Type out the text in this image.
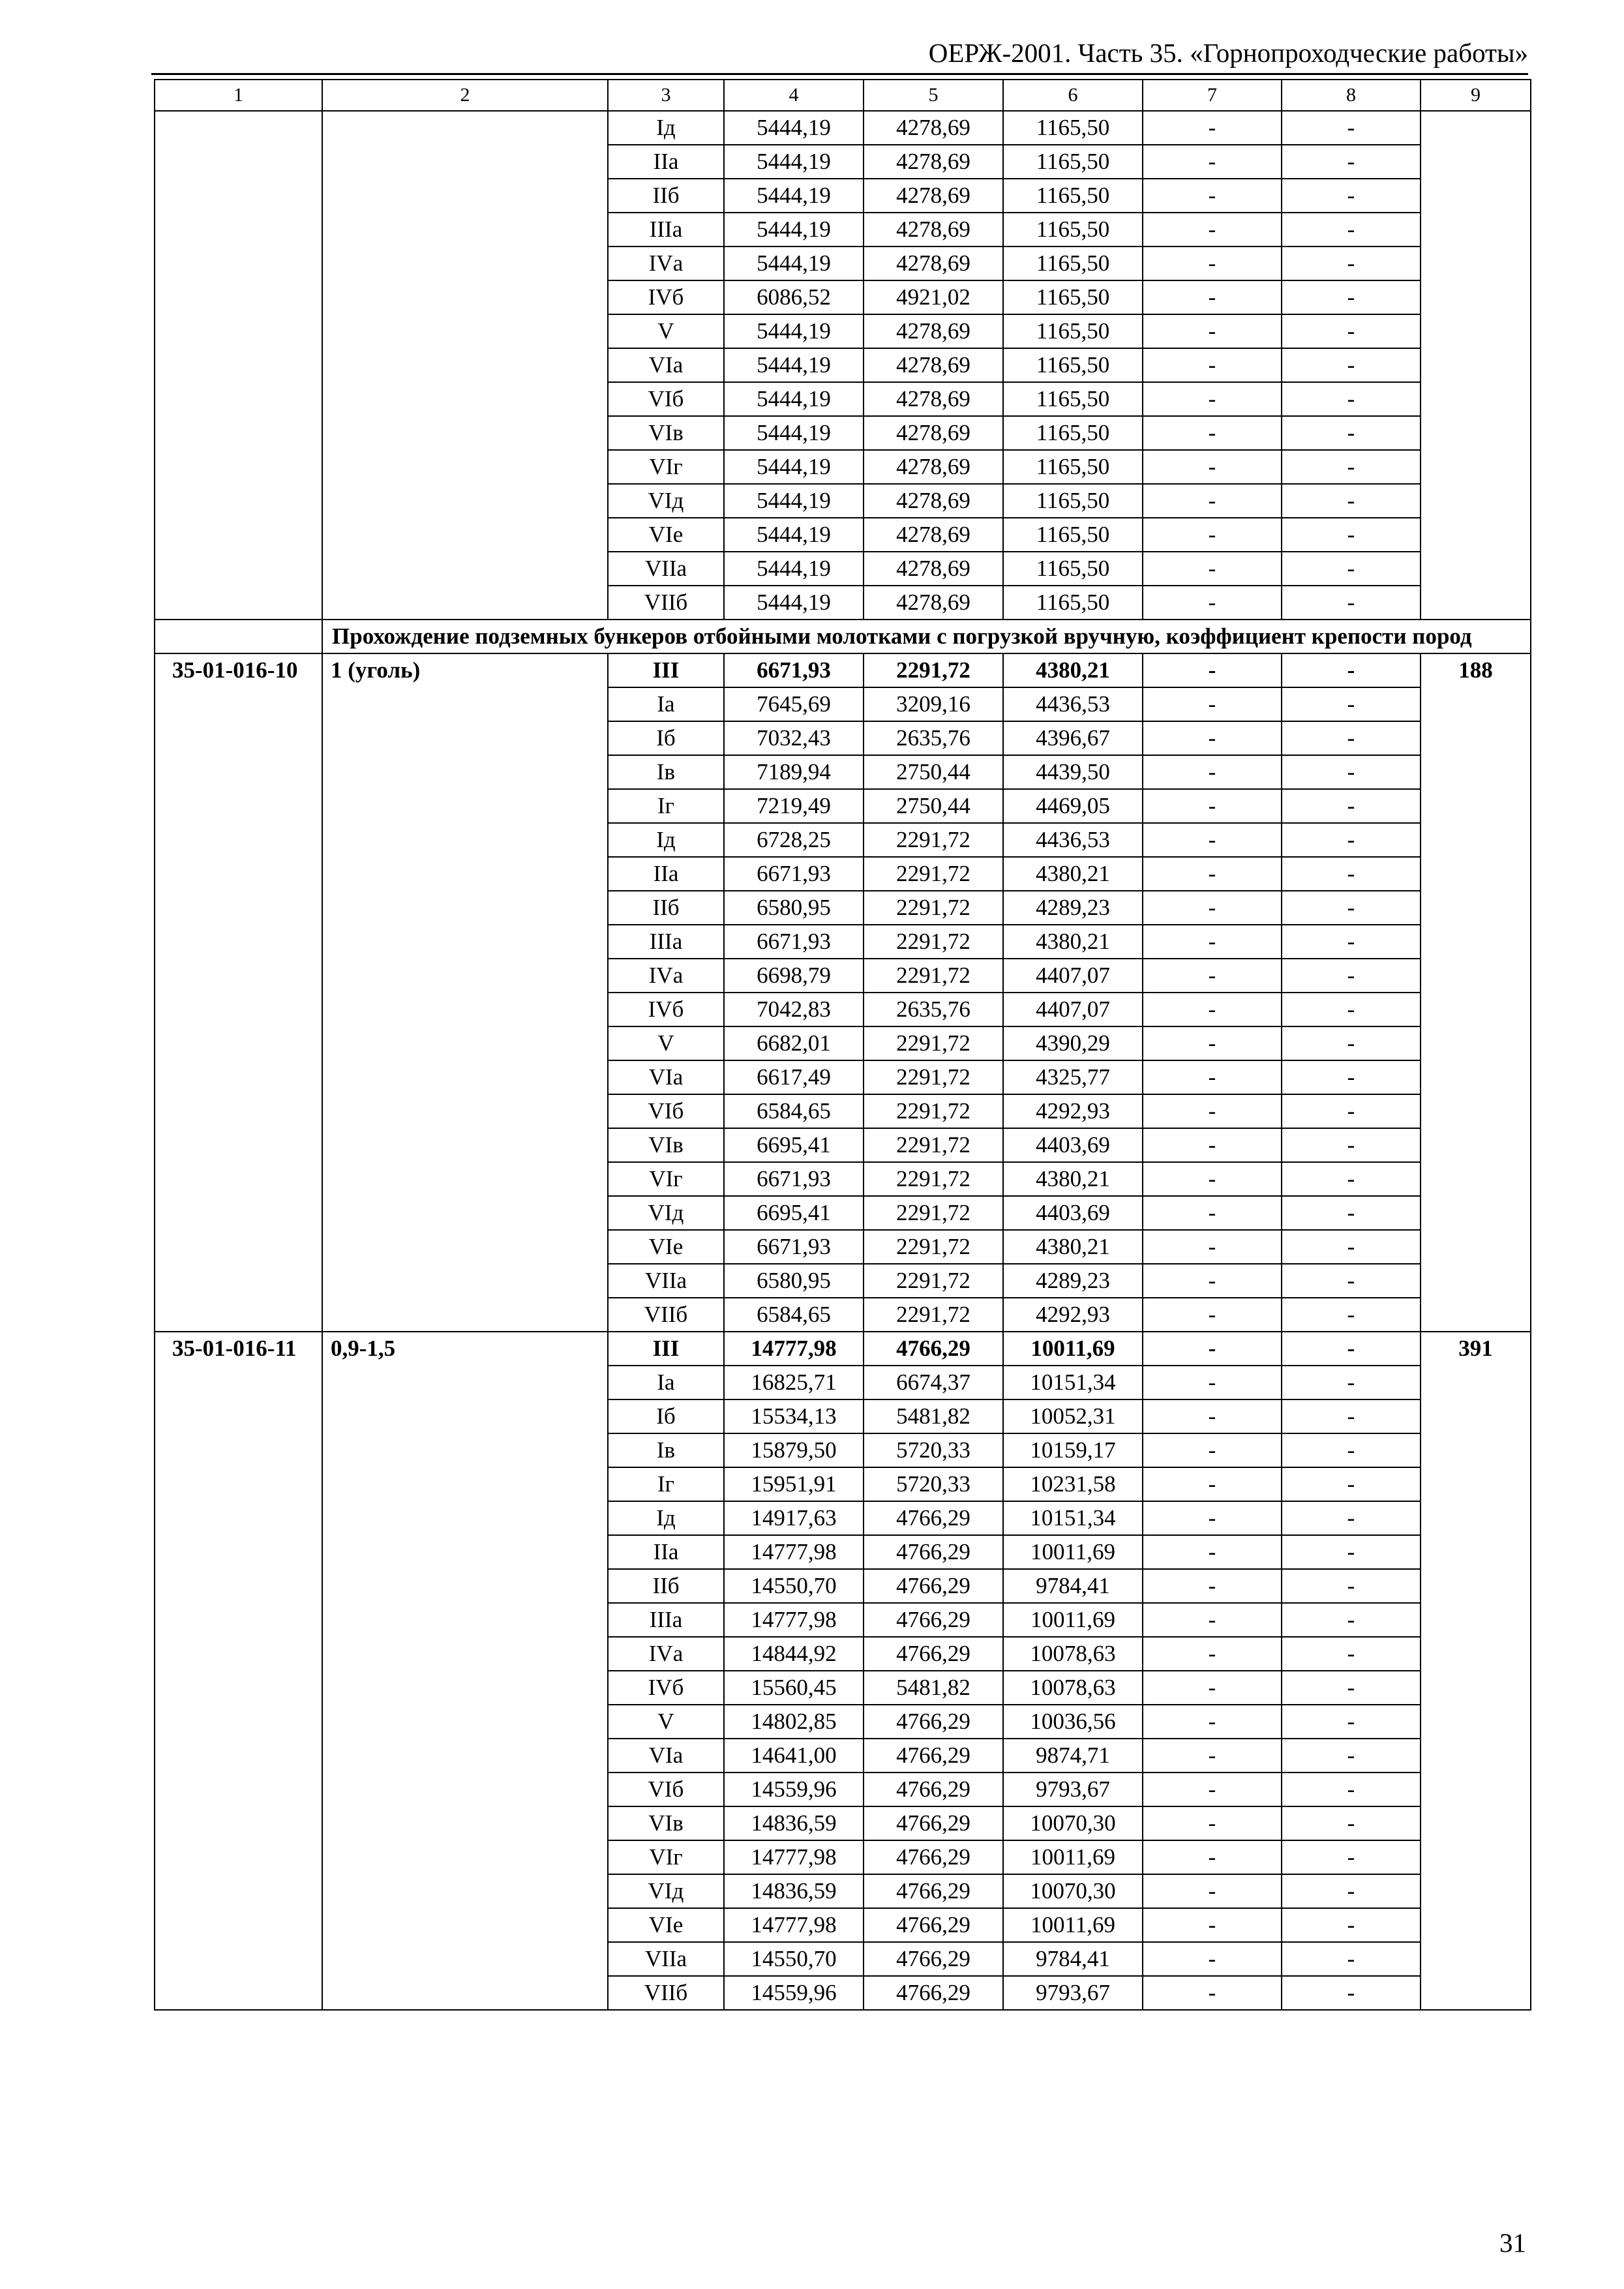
ОЕРЖ-2001. Часть 35. «Горнопроходческие работы»
1	2	3	4	5	6	7	8	9
		Iд	5444,19	4278,69	1165,50	-	-	
		IIа	5444,19	4278,69	1165,50	-	-	
		IIб	5444,19	4278,69	1165,50	-	-	
		IIIа	5444,19	4278,69	1165,50	-	-	
		IVа	5444,19	4278,69	1165,50	-	-	
		IVб	6086,52	4921,02	1165,50	-	-	
		V	5444,19	4278,69	1165,50	-	-	
		VIа	5444,19	4278,69	1165,50	-	-	
		VIб	5444,19	4278,69	1165,50	-	-	
		VIв	5444,19	4278,69	1165,50	-	-	
		VIг	5444,19	4278,69	1165,50	-	-	
		VIд	5444,19	4278,69	1165,50	-	-	
		VIе	5444,19	4278,69	1165,50	-	-	
		VIIа	5444,19	4278,69	1165,50	-	-	
		VIIб	5444,19	4278,69	1165,50	-	-	
	Прохождение подземных бункеров отбойными молотками с погрузкой вручную, коэффициент крепости пород							
35-01-016-10	1 (уголь)	III	6671,93	2291,72	4380,21	-	-	188
		Iа	7645,69	3209,16	4436,53	-	-	
		Iб	7032,43	2635,76	4396,67	-	-	
		Iв	7189,94	2750,44	4439,50	-	-	
		Iг	7219,49	2750,44	4469,05	-	-	
		Iд	6728,25	2291,72	4436,53	-	-	
		IIа	6671,93	2291,72	4380,21	-	-	
		IIб	6580,95	2291,72	4289,23	-	-	
		IIIа	6671,93	2291,72	4380,21	-	-	
		IVа	6698,79	2291,72	4407,07	-	-	
		IVб	7042,83	2635,76	4407,07	-	-	
		V	6682,01	2291,72	4390,29	-	-	
		VIа	6617,49	2291,72	4325,77	-	-	
		VIб	6584,65	2291,72	4292,93	-	-	
		VIв	6695,41	2291,72	4403,69	-	-	
		VIг	6671,93	2291,72	4380,21	-	-	
		VIд	6695,41	2291,72	4403,69	-	-	
		VIе	6671,93	2291,72	4380,21	-	-	
		VIIа	6580,95	2291,72	4289,23	-	-	
		VIIб	6584,65	2291,72	4292,93	-	-	
35-01-016-11	0,9-1,5	III	14777,98	4766,29	10011,69	-	-	391
		Iа	16825,71	6674,37	10151,34	-	-	
		Iб	15534,13	5481,82	10052,31	-	-	
		Iв	15879,50	5720,33	10159,17	-	-	
		Iг	15951,91	5720,33	10231,58	-	-	
		Iд	14917,63	4766,29	10151,34	-	-	
		IIа	14777,98	4766,29	10011,69	-	-	
		IIб	14550,70	4766,29	9784,41	-	-	
		IIIа	14777,98	4766,29	10011,69	-	-	
		IVа	14844,92	4766,29	10078,63	-	-	
		IVб	15560,45	5481,82	10078,63	-	-	
		V	14802,85	4766,29	10036,56	-	-	
		VIа	14641,00	4766,29	9874,71	-	-	
		VIб	14559,96	4766,29	9793,67	-	-	
		VIв	14836,59	4766,29	10070,30	-	-	
		VIг	14777,98	4766,29	10011,69	-	-	
		VIд	14836,59	4766,29	10070,30	-	-	
		VIе	14777,98	4766,29	10011,69	-	-	
		VIIа	14550,70	4766,29	9784,41	-	-	
		VIIб	14559,96	4766,29	9793,67	-	-	
31
